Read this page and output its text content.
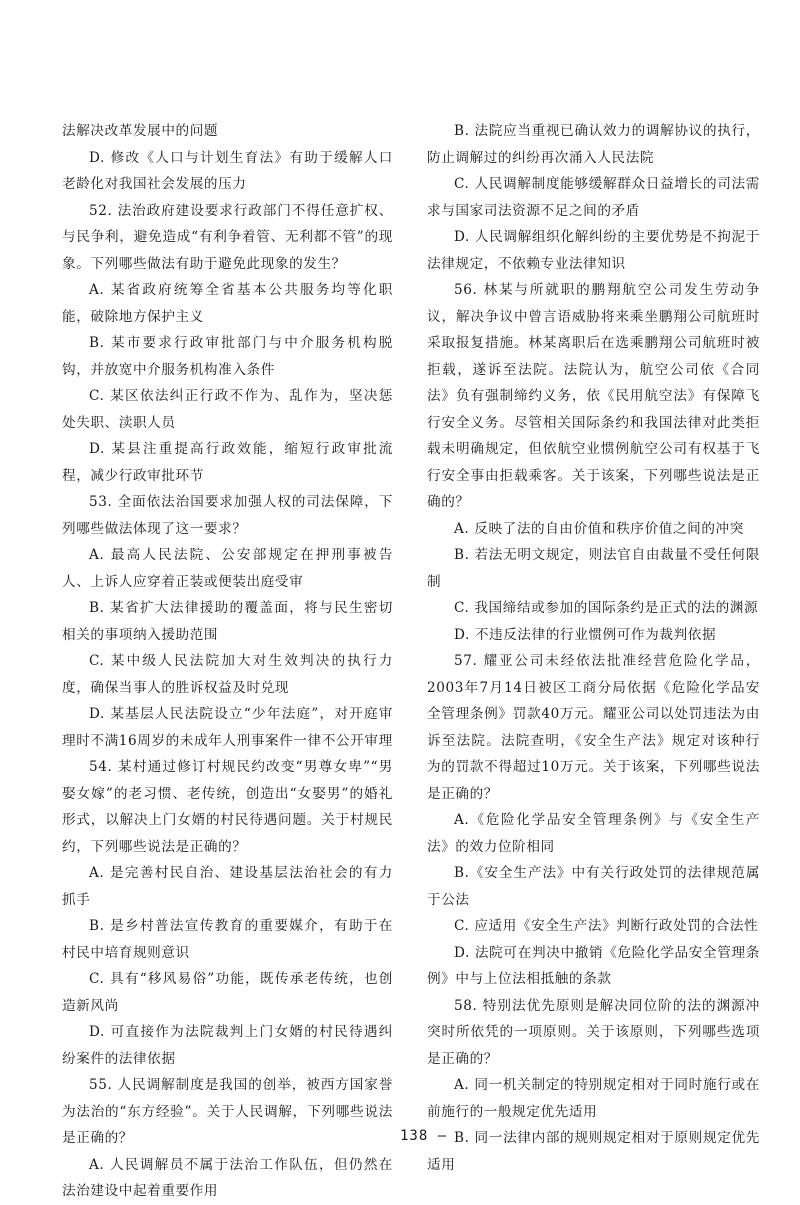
法解决改革发展中的问题

D. 修改《人口与计划生育法》有助于缓解人口老龄化对我国社会发展的压力

52. 法治政府建设要求行政部门不得任意扩权、与民争利，避免造成“有利争着管、无利都不管”的现象。下列哪些做法有助于避免此现象的发生？

A. 某省政府统筹全省基本公共服务均等化职能，破除地方保护主义

B. 某市要求行政审批部门与中介服务机构脱钩，并放宽中介服务机构准入条件

C. 某区依法纠正行政不作为、乱作为，坚决惩处失职、渎职人员

D. 某县注重提高行政效能，缩短行政审批流程，减少行政审批环节

53. 全面依法治国要求加强人权的司法保障，下列哪些做法体现了这一要求？

A. 最高人民法院、公安部规定在押刑事被告人、上诉人应穿着正装或便装出庭受审

B. 某省扩大法律援助的覆盖面，将与民生密切相关的事项纳入援助范围

C. 某中级人民法院加大对生效判决的执行力度，确保当事人的胜诉权益及时兑现

D. 某基层人民法院设立“少年法庭”，对开庭审理时不满16周岁的未成年人刑事案件一律不公开审理

54. 某村通过修订村规民约改变“男尊女卑”“男娶女嫁”的老习惯、老传统，创造出“女娶男”的婚礼形式，以解决上门女婿的村民待遇问题。关于村规民约，下列哪些说法是正确的？

A. 是完善村民自治、建设基层法治社会的有力抓手

B. 是乡村普法宣传教育的重要媒介，有助于在村民中培育规则意识

C. 具有“移风易俗”功能，既传承老传统，也创造新风尚

D. 可直接作为法院裁判上门女婿的村民待遇纠纷案件的法律依据

55. 人民调解制度是我国的创举，被西方国家誉为法治的“东方经验”。关于人民调解，下列哪些说法是正确的？

A. 人民调解员不属于法治工作队伍，但仍然在法治建设中起着重要作用

B. 法院应当重视已确认效力的调解协议的执行，防止调解过的纠纷再次涌入人民法院

C. 人民调解制度能够缓解群众日益增长的司法需求与国家司法资源不足之间的矛盾

D. 人民调解组织化解纠纷的主要优势是不拘泥于法律规定，不依赖专业法律知识

56. 林某与所就职的鹏翔航空公司发生劳动争议，解决争议中曾言语威胁将来乘坐鹏翔公司航班时采取报复措施。林某离职后在选乘鹏翔公司航班时被拒载，遂诉至法院。法院认为，航空公司依《合同法》负有强制缔约义务，依《民用航空法》有保障飞行安全义务。尽管相关国际条约和我国法律对此类拒载未明确规定，但依航空业惯例航空公司有权基于飞行安全事由拒载乘客。关于该案，下列哪些说法是正确的？

A. 反映了法的自由价值和秩序价值之间的冲突

B. 若法无明文规定，则法官自由裁量不受任何限制

C. 我国缔结或参加的国际条约是正式的法的渊源

D. 不违反法律的行业惯例可作为裁判依据

57. 耀亚公司未经依法批准经营危险化学品，2003年7月14日被区工商分局依据《危险化学品安全管理条例》罚款40万元。耀亚公司以处罚违法为由诉至法院。法院查明，《安全生产法》规定对该种行为的罚款不得超过10万元。关于该案，下列哪些说法是正确的？

A.《危险化学品安全管理条例》与《安全生产法》的效力位阶相同

B.《安全生产法》中有关行政处罚的法律规范属于公法

C. 应适用《安全生产法》判断行政处罚的合法性

D. 法院可在判决中撤销《危险化学品安全管理条例》中与上位法相抵触的条款

58. 特别法优先原则是解决同位阶的法的渊源冲突时所依凭的一项原则。关于该原则，下列哪些选项是正确的？

A. 同一机关制定的特别规定相对于同时施行或在前施行的一般规定优先适用

B. 同一法律内部的规则规定相对于原则规定优先适用

138 —
